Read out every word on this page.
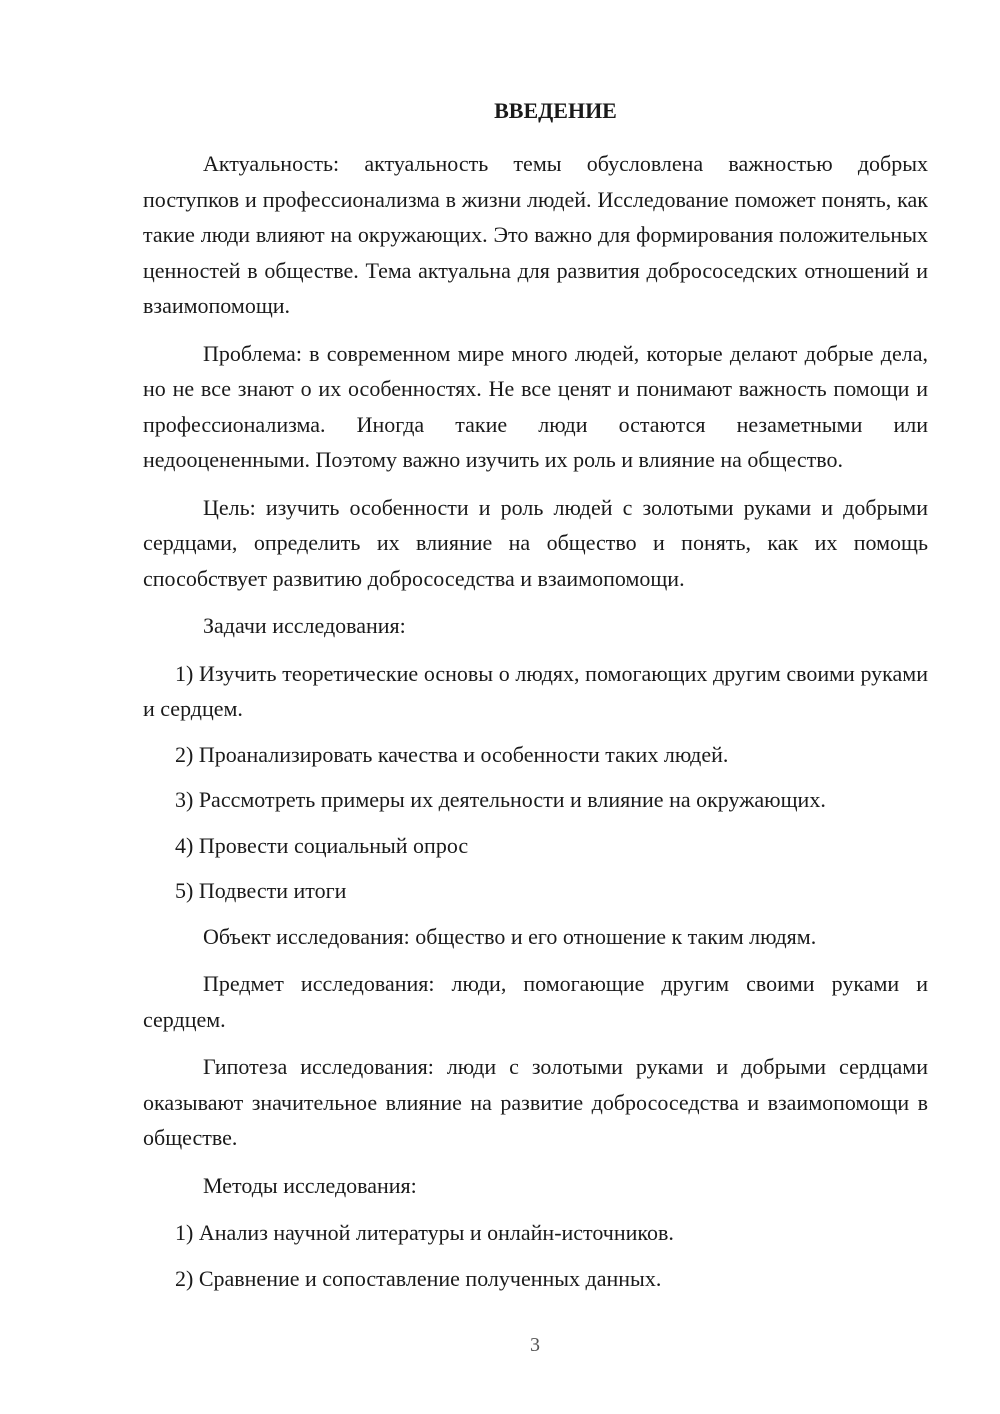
ВВЕДЕНИЕ

Актуальность: актуальность темы обусловлена важностью добрых поступков и профессионализма в жизни людей. Исследование поможет понять, как такие люди влияют на окружающих. Это важно для формирования положительных ценностей в обществе. Тема актуальна для развития добрососедских отношений и взаимопомощи.

Проблема: в современном мире много людей, которые делают добрые дела, но не все знают о их особенностях. Не все ценят и понимают важность помощи и профессионализма. Иногда такие люди остаются незаметными или недооцененными. Поэтому важно изучить их роль и влияние на общество.

Цель: изучить особенности и роль людей с золотыми руками и добрыми сердцами, определить их влияние на общество и понять, как их помощь способствует развитию добрососедства и взаимопомощи.

Задачи исследования:

1) Изучить теоретические основы о людях, помогающих другим своими руками и сердцем.

2) Проанализировать качества и особенности таких людей.

3) Рассмотреть примеры их деятельности и влияние на окружающих.

4) Провести социальный опрос

5) Подвести итоги

Объект исследования: общество и его отношение к таким людям.

Предмет исследования: люди, помогающие другим своими руками и сердцем.

Гипотеза исследования: люди с золотыми руками и добрыми сердцами оказывают значительное влияние на развитие добрососедства и взаимопомощи в обществе.

Методы исследования:

1) Анализ научной литературы и онлайн-источников.

2) Сравнение и сопоставление полученных данных.

3
